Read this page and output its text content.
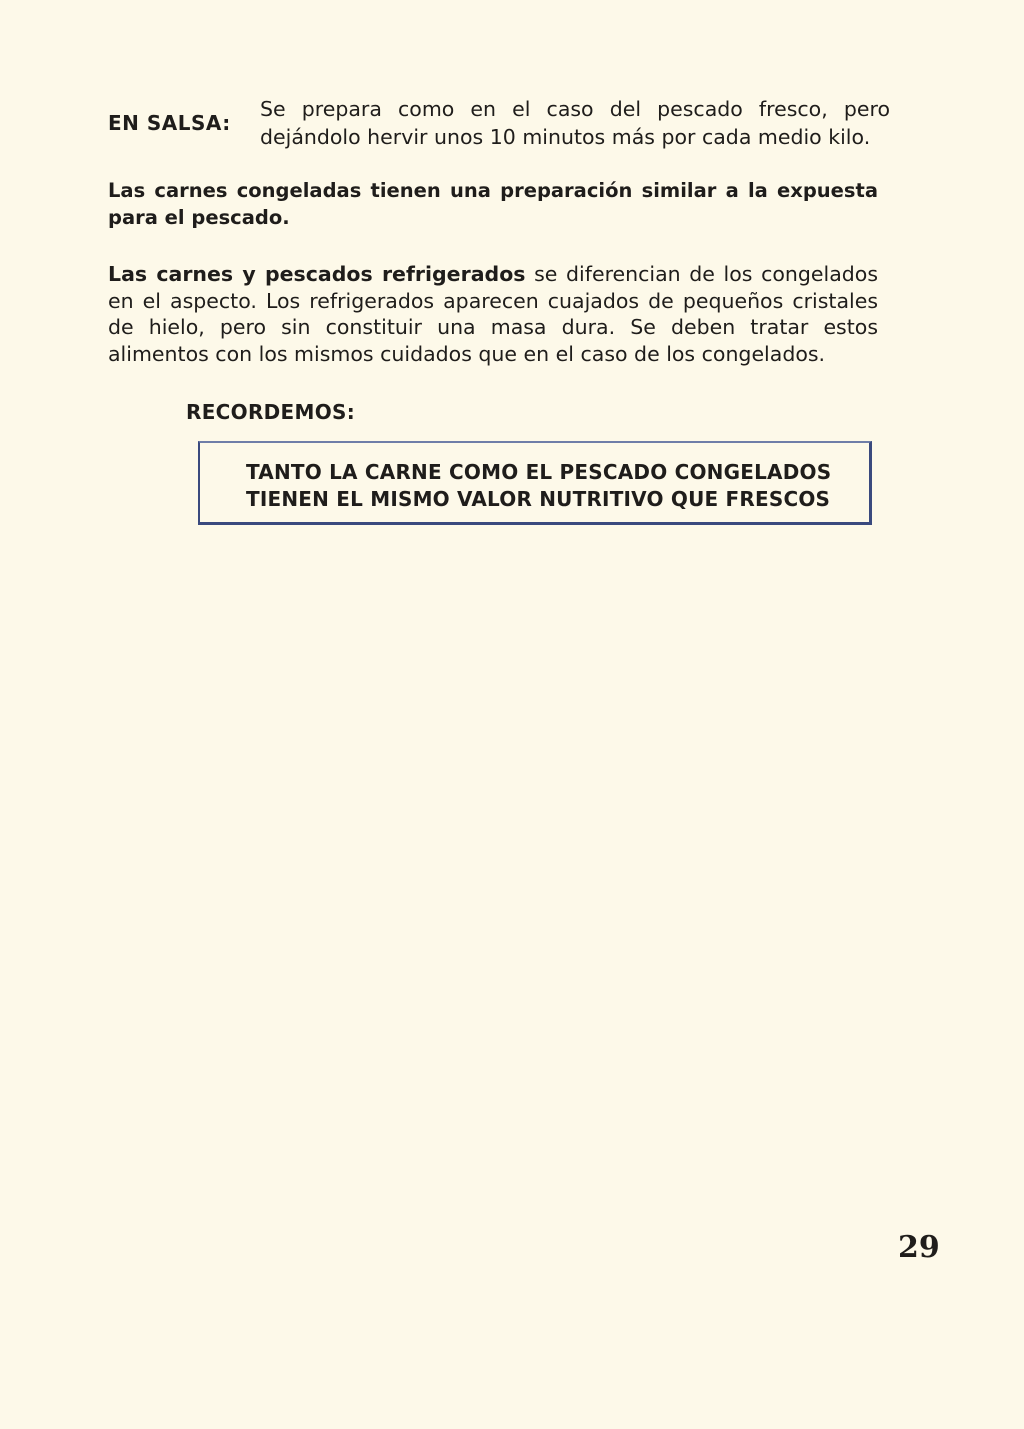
EN SALSA:

Se prepara como en el caso del pescado fresco, pero dejándolo hervir unos 10 minutos más por cada medio kilo.

Las carnes congeladas tienen una preparación similar a la expuesta para el pescado.

Las carnes y pescados refrigerados se diferencian de los congelados en el aspecto. Los refrigerados aparecen cuajados de pequeños cristales de hielo, pero sin constituir una masa dura. Se deben tratar estos alimentos con los mismos cuidados que en el caso de los congelados.

RECORDEMOS:

TANTO LA CARNE COMO EL PESCADO CONGELADOS

TIENEN EL MISMO VALOR NUTRITIVO QUE FRESCOS

29
